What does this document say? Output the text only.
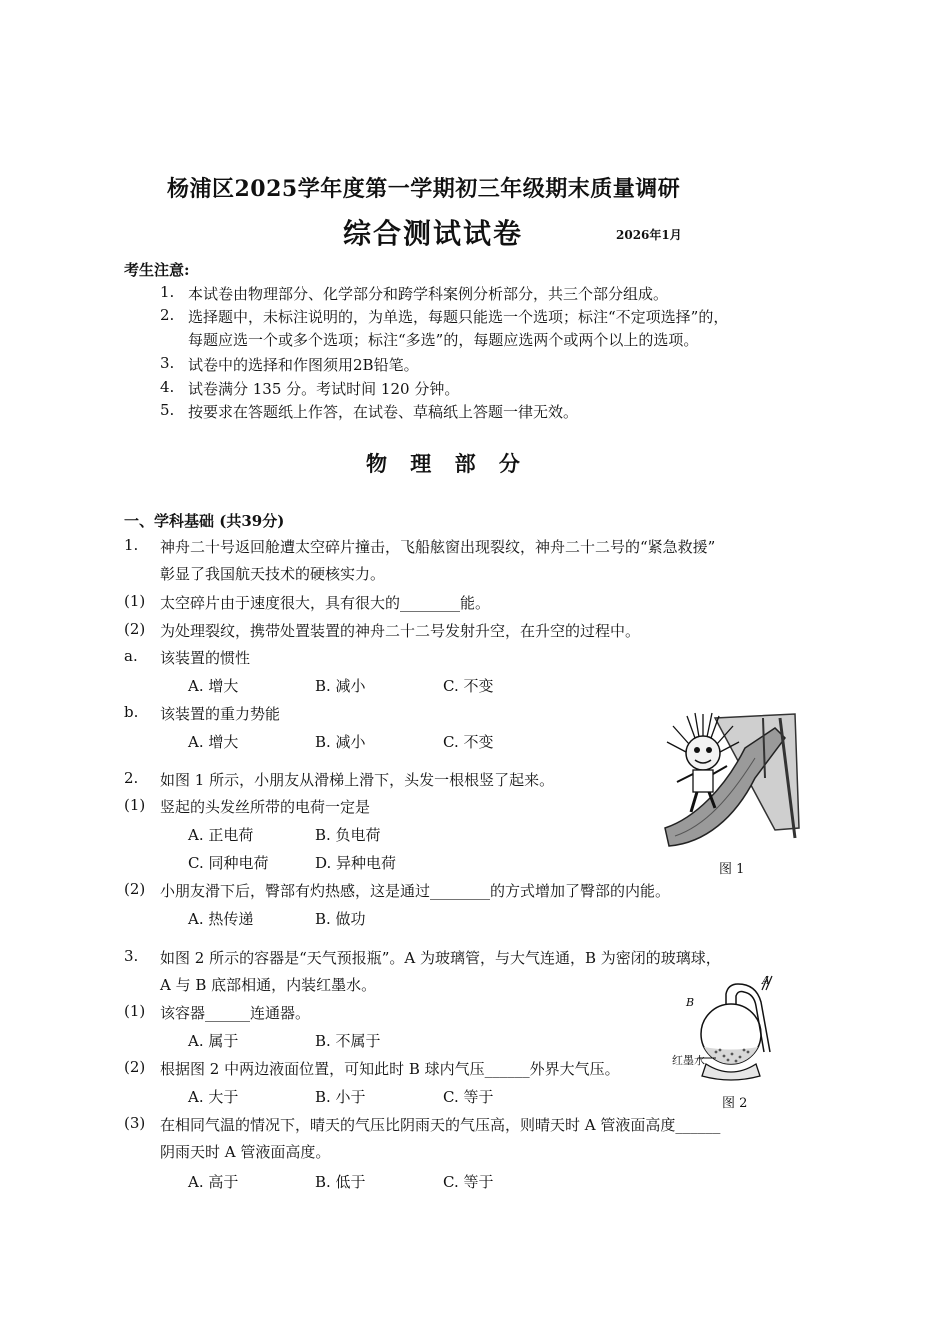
杨浦区2025学年度第一学期初三年级期末质量调研
综合测试试卷	2026年1月
考生注意:
1. 本试卷由物理部分、化学部分和跨学科案例分析部分，共三个部分组成。
2. 选择题中，未标注说明的，为单选，每题只能选一个选项；标注“不定项选择”的，
每题应选一个或多个选项；标注“多选”的，每题应选两个或两个以上的选项。
3. 试卷中的选择和作图须用2B铅笔。
4. 试卷满分 135 分。考试时间 120 分钟。
5. 按要求在答题纸上作答，在试卷、草稿纸上答题一律无效。
物 理 部 分
一、学科基础 (共39分)
1. 神舟二十号返回舱遭太空碎片撞击，飞船舷窗出现裂纹，神舟二十二号的“紧急救援”
彰显了我国航天技术的硬核实力。
(1) 太空碎片由于速度很大，具有很大的________能。
(2) 为处理裂纹，携带处置装置的神舟二十二号发射升空，在升空的过程中。
a. 该装置的惯性
A. 增大	B. 减小	C. 不变
b. 该装置的重力势能
A. 增大	B. 减小	C. 不变
图 1
2. 如图 1 所示，小朋友从滑梯上滑下，头发一根根竖了起来。
(1) 竖起的头发丝所带的电荷一定是
A. 正电荷	B. 负电荷
C. 同种电荷	D. 异种电荷
(2) 小朋友滑下后，臀部有灼热感，这是通过________的方式增加了臀部的内能。
A. 热传递	B. 做功
3. 如图 2 所示的容器是“天气预报瓶”。A 为玻璃管，与大气连通，B 为密闭的玻璃球，
A 与 B 底部相通，内装红墨水。
(1) 该容器______连通器。
A. 属于	B. 不属于
(2) 根据图 2 中两边液面位置，可知此时 B 球内气压______外界大气压。
A. 大于	B. 小于	C. 等于
(3) 在相同气温的情况下，晴天的气压比阴雨天的气压高，则晴天时 A 管液面高度______
阴雨天时 A 管液面高度。
A. 高于	B. 低于	C. 等于
B
A
红墨水
图 2
